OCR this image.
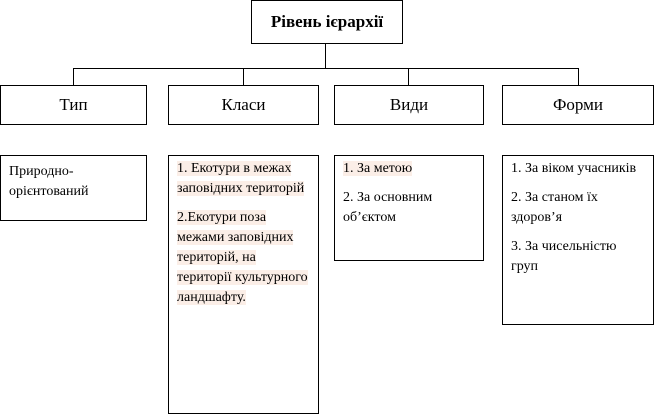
Рівень ієрархії
Тип	Класи	Види	Форми

Природно-орієнтований

1. Екотури в межах заповідних територій

2.Екотури поза межами заповідних територій, на території культурного ландшафту.

1. За метою

2. За основним об’єктом

1. За віком учасників

2. За станом їх здоров’я

3. За чисельністю груп
